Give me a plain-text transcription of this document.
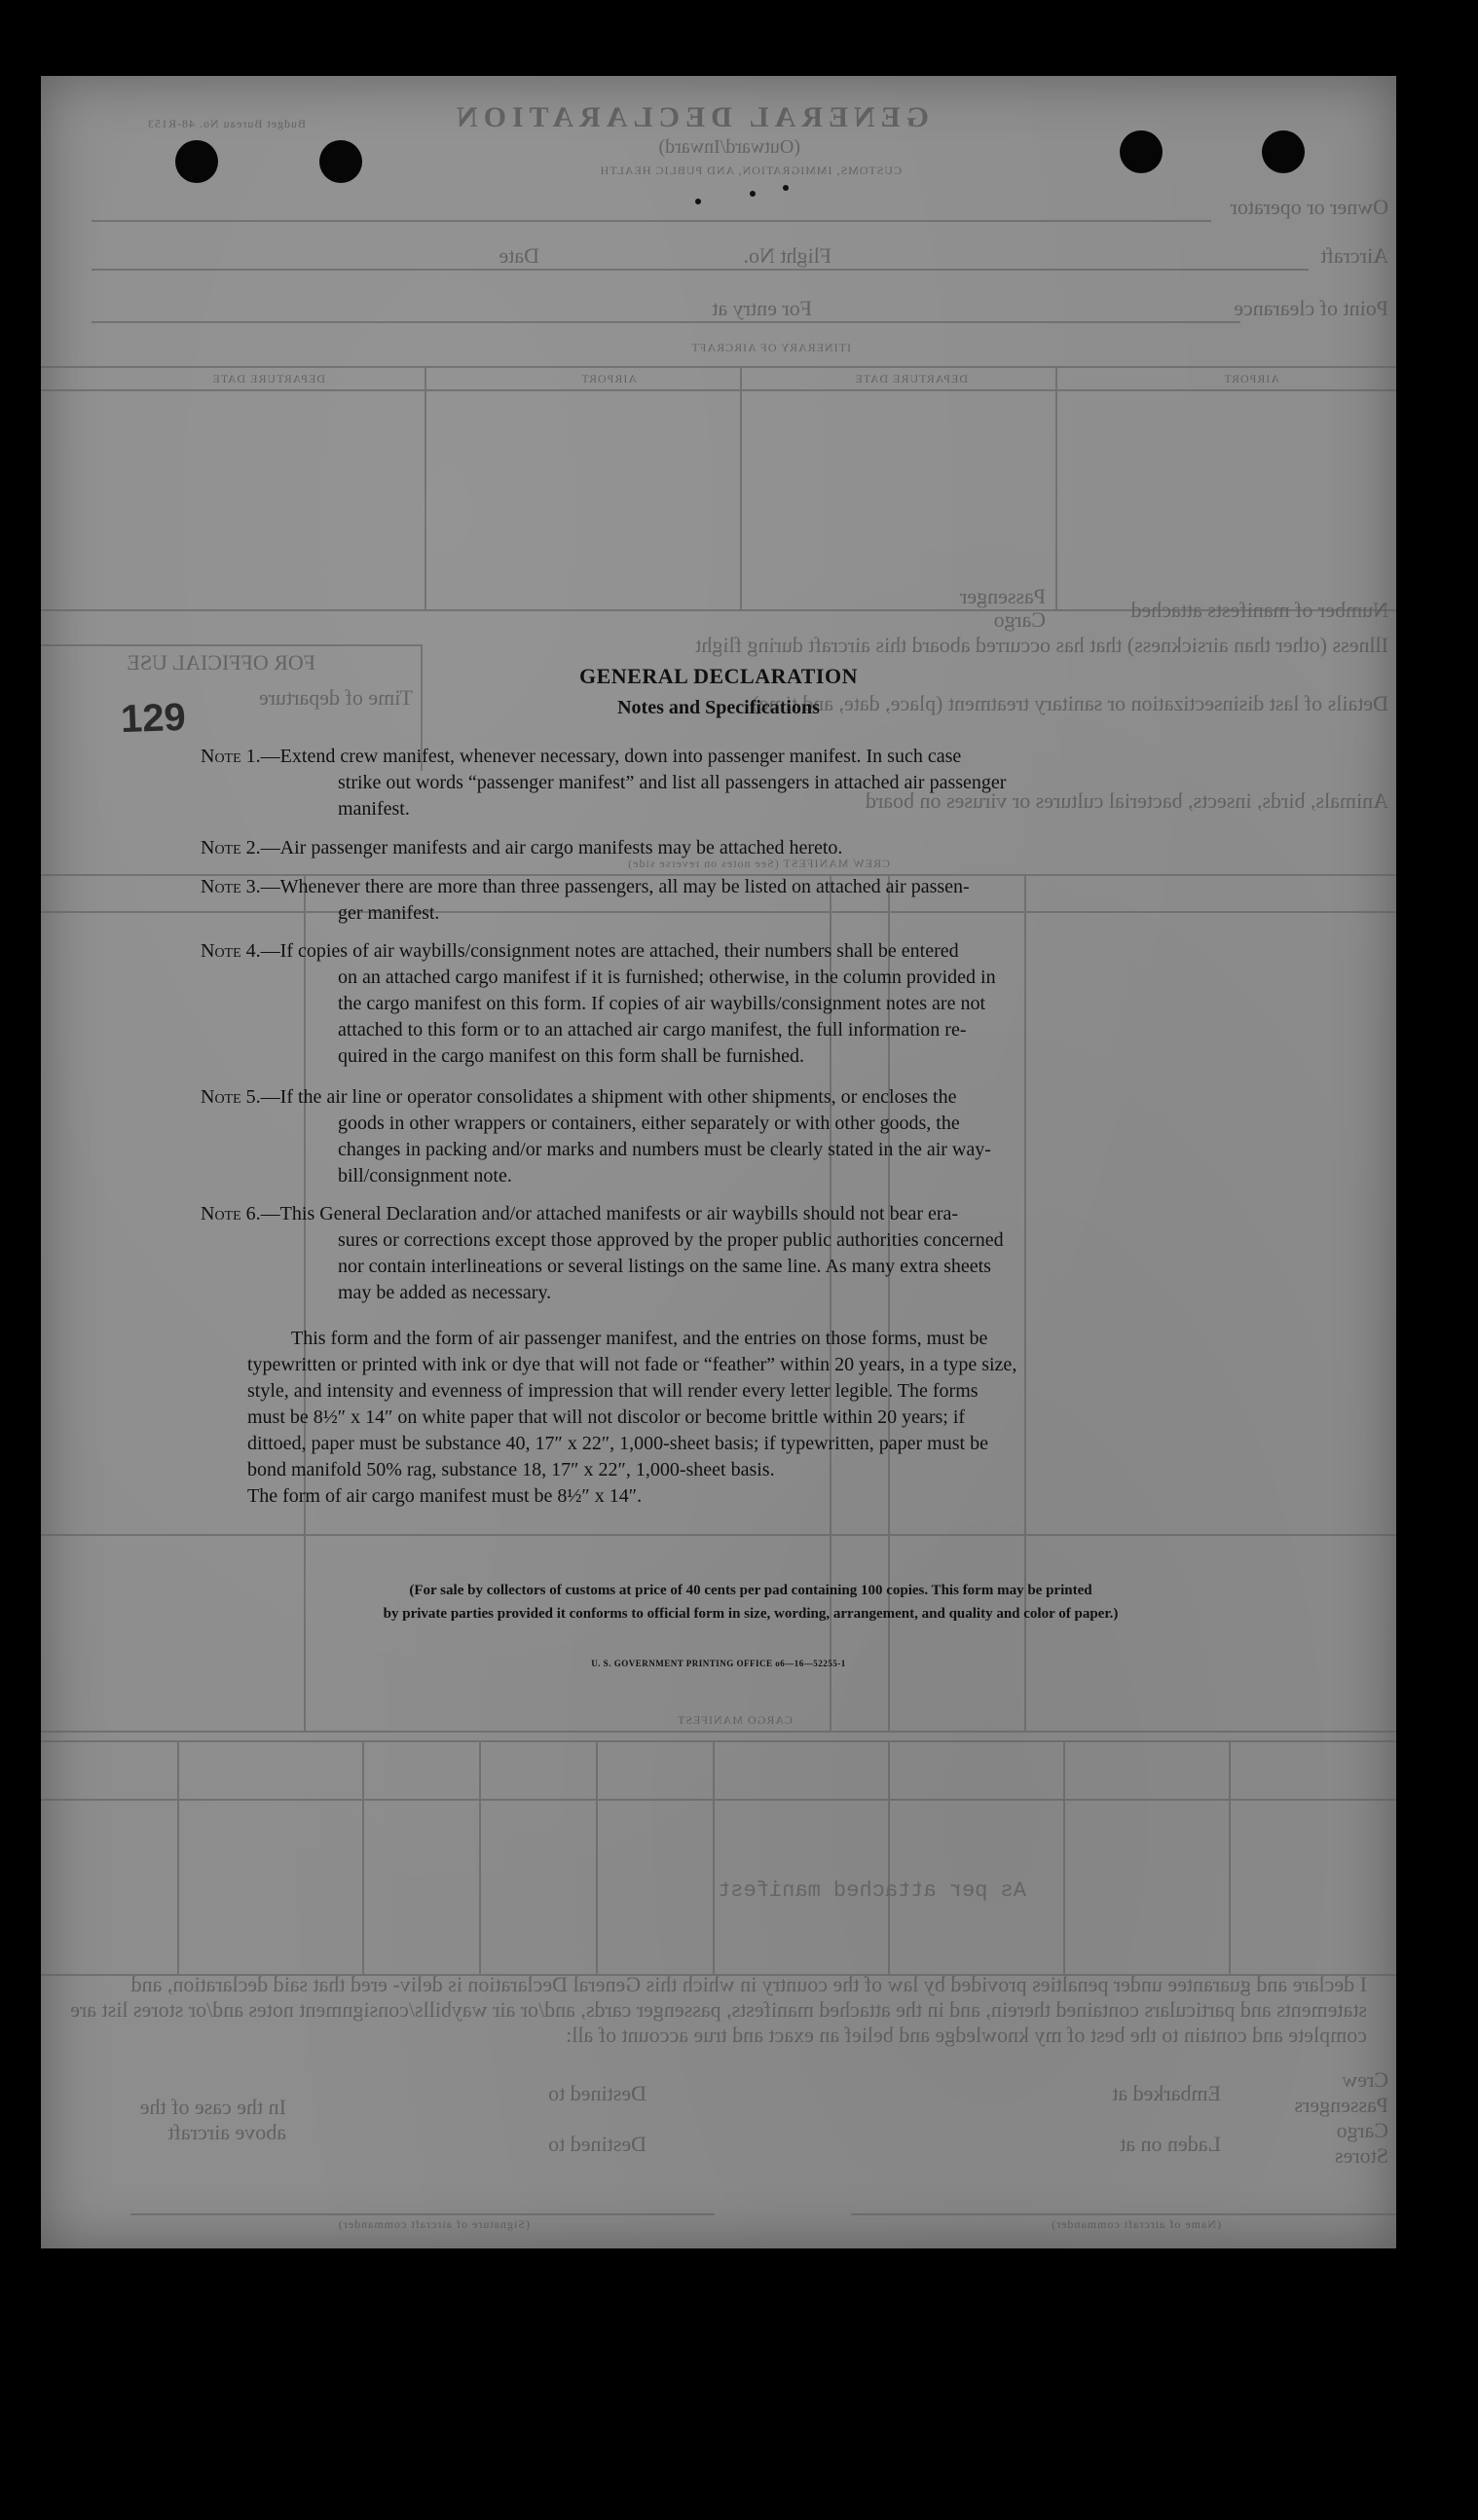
GENERAL DECLARATION
(Outward/Inward)
CUSTOMS, IMMIGRATION, AND PUBLIC HEALTH
Budget Bureau No. 48-R153
Owner or operator
Aircraft
Flight No.
Date
Point of clearance
For entry at
ITINERARY OF AIRCRAFT
AIRPORT
DEPARTURE DATE
AIRPORT
DEPARTURE DATE
Number of manifests attached
Passenger
Cargo
Illness (other than airsickness) that has occurred aboard this aircraft during flight
Details of last disinsectization or sanitary treatment (place, date, and time)
Animals, birds, insects, bacterial cultures or viruses on board
FOR OFFICIAL USE
Time of departure
CREW MANIFEST (See notes on reverse side)
CARGO MANIFEST
As per attached manifest
I declare and guarantee under penalties provided by law of the country in which this General Declaration is deliv- ered that said declaration, and statements and particulars contained therein, and in the attached manifests, passenger cards, and/or air waybills/consignment notes and/or stores list are complete and contain to the best of my knowledge and belief an exact and true account of all:
Crew
Passengers
Cargo
Stores
Embarked at
Destined to
Laden on at
Destined to
In the case of the above aircraft
(Name of aircraft commander)
(Signature of aircraft commander)
129
GENERAL DECLARATION
Notes and Specifications
Note 1. —Extend crew manifest, whenever necessary, down into passenger manifest. In such case
strike out words “passenger manifest” and list all passengers in attached air passenger
manifest.
Note 2. —Air passenger manifests and air cargo manifests may be attached hereto.
Note 3. —Whenever there are more than three passengers, all may be listed on attached air passen-
ger manifest.
Note 4. —If copies of air waybills/consignment notes are attached, their numbers shall be entered
on an attached cargo manifest if it is furnished; otherwise, in the column provided in
the cargo manifest on this form. If copies of air waybills/consignment notes are not
attached to this form or to an attached air cargo manifest, the full information re-
quired in the cargo manifest on this form shall be furnished.
Note 5. —If the air line or operator consolidates a shipment with other shipments, or encloses the
goods in other wrappers or containers, either separately or with other goods, the
changes in packing and/or marks and numbers must be clearly stated in the air way-
bill/consignment note.
Note 6. —This General Declaration and/or attached manifests or air waybills should not bear era-
sures or corrections except those approved by the proper public authorities concerned
nor contain interlineations or several listings on the same line. As many extra sheets
may be added as necessary.
This form and the form of air passenger manifest, and the entries on those forms, must be
typewritten or printed with ink or dye that will not fade or “feather” within 20 years, in a type size,
style, and intensity and evenness of impression that will render every letter legible. The forms
must be 8½″ x 14″ on white paper that will not discolor or become brittle within 20 years; if
dittoed, paper must be substance 40, 17″ x 22″, 1,000-sheet basis; if typewritten, paper must be
bond manifold 50% rag, substance 18, 17″ x 22″, 1,000-sheet basis.
The form of air cargo manifest must be 8½″ x 14″.
(For sale by collectors of customs at price of 40 cents per pad containing 100 copies. This form may be printed
by private parties provided it conforms to official form in size, wording, arrangement, and quality and color of paper.)
U. S. GOVERNMENT PRINTING OFFICE o6—16—52255-1
